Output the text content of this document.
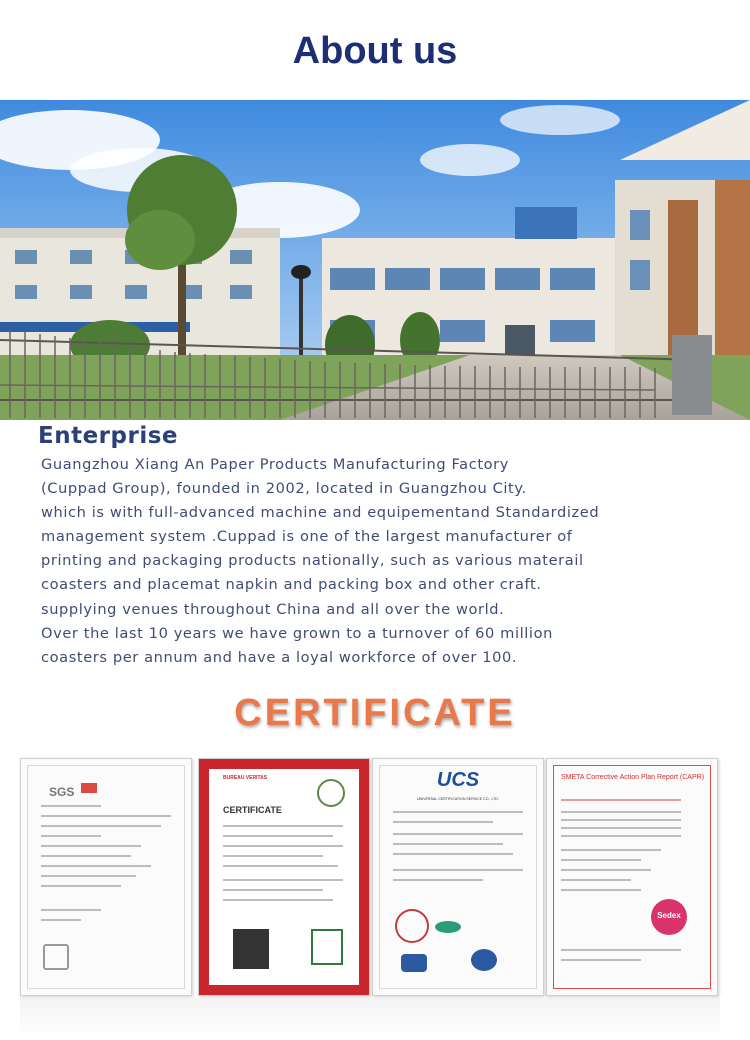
About us
Enterprise
Guangzhou Xiang An Paper Products Manufacturing Factory
(Cuppad Group), founded in 2002, located in Guangzhou City.
which is with full-advanced machine and equipementand Standardized
management system .Cuppad is one of the largest manufacturer of
printing and packaging products nationally, such as various materail
coasters and placemat napkin and packing box and other craft.
supplying venues throughout China and all over the world.
Over the last 10 years we have grown to a turnover of 60 million
coasters per annum and have a loyal workforce of over 100.
CERTIFICATE
SGS
BUREAU VERITAS
CERTIFICATE
UCS
UNIVERSAL CERTIFICATION SERVICE CO., LTD.
SMETA Corrective Action Plan Report (CAPR)
Sedex
